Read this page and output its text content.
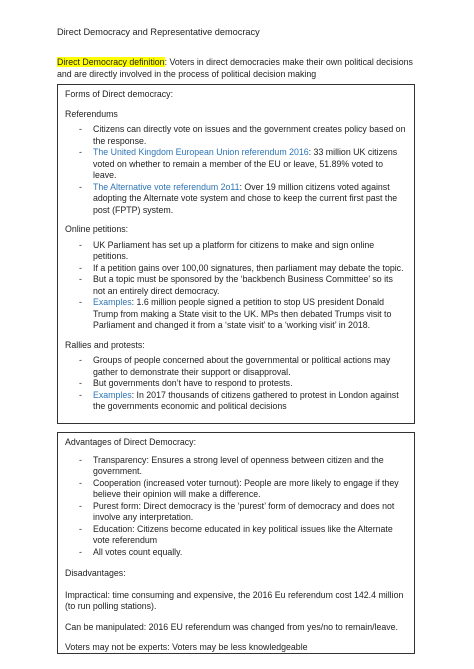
Direct Democracy and Representative democracy
Direct Democracy definition: Voters in direct democracies make their own political decisions and are directly involved in the process of political decision making
Forms of Direct democracy:
Referendums
- Citizens can directly vote on issues and the government creates policy based on the response.
- The United Kingdom European Union referendum 2016: 33 million UK citizens voted on whether to remain a member of the EU or leave, 51.89% voted to leave.
- The Alternative vote referendum 2o11: Over 19 million citizens voted against adopting the Alternate vote system and chose to keep the current first past the post (FPTP) system.
Online petitions:
- UK Parliament has set up a platform for citizens to make and sign online petitions.
- If a petition gains over 100,00 signatures, then parliament may debate the topic.
- But a topic must be sponsored by the ‘backbench Business Committee’ so its not an entirely direct democracy.
- Examples: 1.6 million people signed a petition to stop US president Donald Trump from making a State visit to the UK. MPs then debated Trumps visit to Parliament and changed it from a ‘state visit’ to a ‘working visit’ in 2018.
Rallies and protests:
- Groups of people concerned about the governmental or political actions may gather to demonstrate their support or disapproval.
- But governments don’t have to respond to protests.
- Examples: In 2017 thousands of citizens gathered to protest in London against the governments economic and political decisions
Advantages of Direct Democracy:
- Transparency: Ensures a strong level of openness between citizen and the government.
- Cooperation (increased voter turnout): People are more likely to engage if they believe their opinion will make a difference.
- Purest form: Direct democracy is the ‘purest’ form of democracy and does not involve any interpretation.
- Education: Citizens become educated in key political issues like the Alternate vote referendum
- All votes count equally.
Disadvantages:
Impractical: time consuming and expensive, the 2016 Eu referendum cost 142.4 million (to run polling stations).
Can be manipulated: 2016 EU referendum was changed from yes/no to remain/leave.
Voters may not be experts: Voters may be less knowledgeable
